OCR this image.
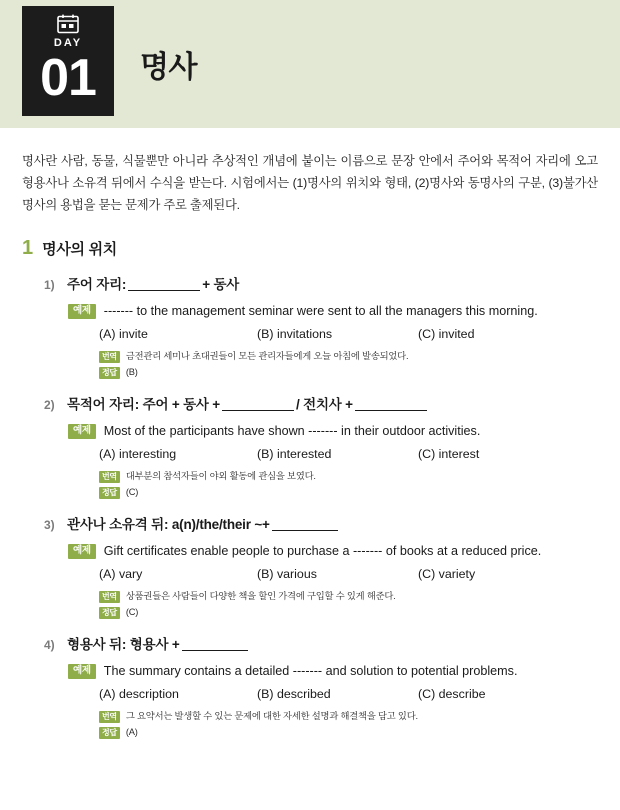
DAY
01 명사

명사란 사람, 동물, 식물뿐만 아니라 추상적인 개념에 붙이는 이름으로 문장 안에서 주어와 목적어 자리에 오고 형용사나 소유격 뒤에서 수식을 받는다. 시험에서는 (1)명사의 위치와 형태, (2)명사와 동명사의 구분, (3)불가산명사의 용법을 묻는 문제가 주로 출제된다.

1 명사의 위치
1) 주어 자리:	+ 동사
예제	------- to the management seminar were sent to all the managers this morning.
(A) invite	(B) invitations	(C) invited
번역 금전관리 세미나 초대권들이 모든 관리자들에게 오늘 아침에 발송되었다.
정답 (B)
2) 목적어 자리: 주어 + 동사 +	/ 전치사 +
예제	Most of the participants have shown ------- in their outdoor activities.
(A) interesting	(B) interested	(C) interest
번역 대부분의 참석자들이 야외 활동에 관심을 보였다.
정답 (C)
3) 관사나 소유격 뒤: a(n)/the/their ~+
예제	Gift certificates enable people to purchase a ------- of books at a reduced price.
(A) vary	(B) various	(C) variety
번역 상품권들은 사람들이 다양한 책을 할인 가격에 구입할 수 있게 해준다.
정답 (C)
4) 형용사 뒤: 형용사 +
예제	The summary contains a detailed ------- and solution to potential problems.
(A) description	(B) described	(C) describe
번역 그 요약서는 발생할 수 있는 문제에 대한 자세한 설명과 해결책을 담고 있다.
정답 (A)
